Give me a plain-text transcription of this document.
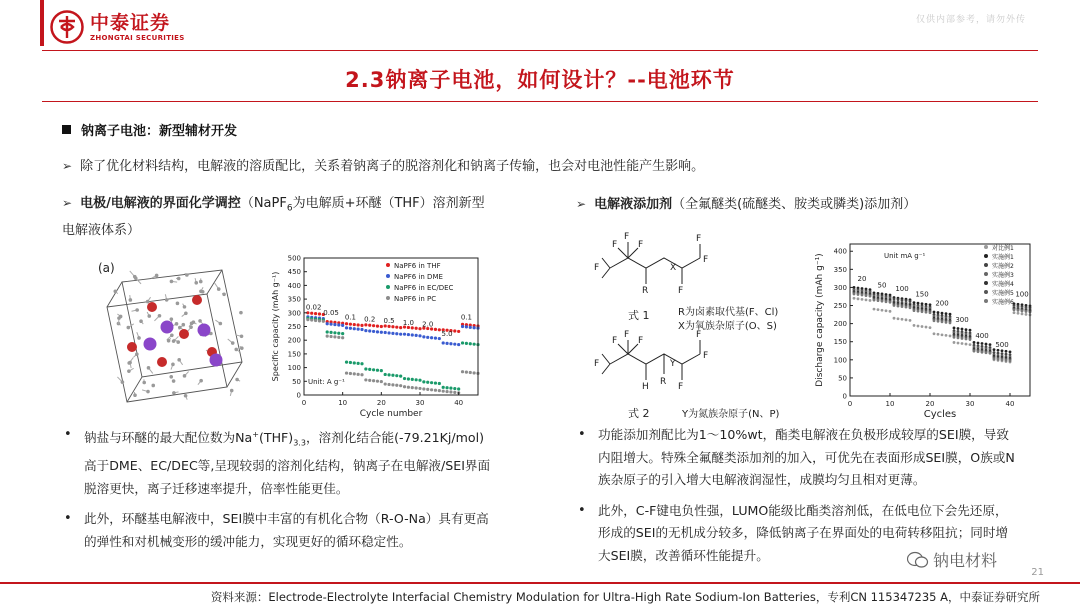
中泰证券
ZHONGTAI SECURITIES
仅供内部参考，请勿外传
2.3钠离子电池，如何设计？--电池环节
钠离子电池：新型辅材开发
➢ 除了优化材料结构，电解液的溶质配比，关系着钠离子的脱溶剂化和钠离子传输，也会对电池性能产生影响。
➢ 电极/电解液的界面化学调控（NaPF$_6$为电解质+环醚（THF）溶剂新型电解液体系）
➢ 电解液添加剂（全氟醚类(硫醚类、胺类或膦类)添加剂）
(a)
0
50
100
150
200
250
300
350
400
450
500
0	10	20	30	40
Cycle number
Specific capacity (mAh g⁻¹)
Unit: A g⁻¹
0.02
0.05
0.1 0.2 0.5 1.0 2.0
5.0
0.1
NaPF6 in THF
NaPF6 in DME
NaPF6 in EC/DEC
NaPF6 in PC
F
F F
F
R
X
F
F
F
式 1	R为卤素取代基(F、Cl)
X为氧族杂原子(O、S)
F
F F
F
H
Y
R
F
F
F
式 2	Y为氮族杂原子(N、P)
0
50
100
150
200
250
300
350
400
0	10	20	30	40
Cycles
Discharge capacity (mAh g⁻¹)	Unit mA g⁻¹
20
50 100
150
200
300
400
500
100
对比例1
实施例1
实施例2
实施例3
实施例4
实施例5
实施例6
• 钠盐与环醚的最大配位数为$Na^+(THF)_{3.3}$，溶剂化结合能(-79.21Kj/mol)高于DME、EC/DEC等,呈现较弱的溶剂化结构，钠离子在电解液/SEI界面脱溶更快，离子迁移速率提升，倍率性能更佳。
• 此外，环醚基电解液中，SEI膜中丰富的有机化合物（R-O-Na）具有更高的弹性和对机械变形的缓冲能力，实现更好的循环稳定性。
• 功能添加剂配比为1～10%wt，酯类电解液在负极形成较厚的SEI膜，导致内阻增大。特殊全氟醚类添加剂的加入，可优先在表面形成SEI膜，O族或N族杂原子的引入增大电解液润湿性，成膜均匀且相对更薄。
• 此外，C-F键电负性强，LUMO能级比酯类溶剂低，在低电位下会先还原，形成的SEI的无机成分较多，降低钠离子在界面处的电荷转移阻抗；同时增大SEI膜，改善循环性能提升。	钠电材料
21
资料来源：Electrode-Electrolyte Interfacial Chemistry Modulation for Ultra-High Rate Sodium-Ion Batteries，专利CN 115347235 A，中泰证券研究所
